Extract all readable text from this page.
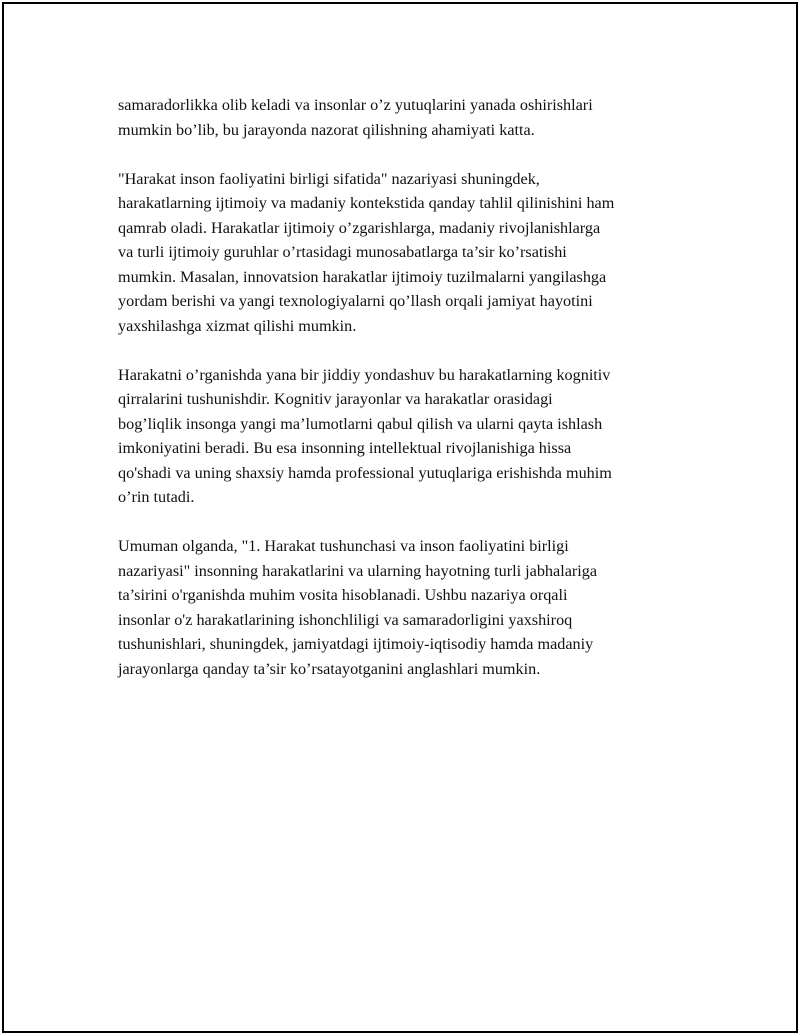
samaradorlikka olib keladi va insonlar o’z yutuqlarini yanada oshirishlari
mumkin bo’lib, bu jarayonda nazorat qilishning ahamiyati katta.

"Harakat inson faoliyatini birligi sifatida" nazariyasi shuningdek,
harakatlarning ijtimoiy va madaniy kontekstida qanday tahlil qilinishini ham
qamrab oladi. Harakatlar ijtimoiy o’zgarishlarga, madaniy rivojlanishlarga
va turli ijtimoiy guruhlar o’rtasidagi munosabatlarga ta’sir ko’rsatishi
mumkin. Masalan, innovatsion harakatlar ijtimoiy tuzilmalarni yangilashga
yordam berishi va yangi texnologiyalarni qo’llash orqali jamiyat hayotini
yaxshilashga xizmat qilishi mumkin.

Harakatni o’rganishda yana bir jiddiy yondashuv bu harakatlarning kognitiv
qirralarini tushunishdir. Kognitiv jarayonlar va harakatlar orasidagi
bog’liqlik insonga yangi ma’lumotlarni qabul qilish va ularni qayta ishlash
imkoniyatini beradi. Bu esa insonning intellektual rivojlanishiga hissa
qo'shadi va uning shaxsiy hamda professional yutuqlariga erishishda muhim
o’rin tutadi.

Umuman olganda, "1. Harakat tushunchasi va inson faoliyatini birligi
nazariyasi" insonning harakatlarini va ularning hayotning turli jabhalariga
ta’sirini o'rganishda muhim vosita hisoblanadi. Ushbu nazariya orqali
insonlar o'z harakatlarining ishonchliligi va samaradorligini yaxshiroq
tushunishlari, shuningdek, jamiyatdagi ijtimoiy-iqtisodiy hamda madaniy
jarayonlarga qanday ta’sir ko’rsatayotganini anglashlari mumkin.
